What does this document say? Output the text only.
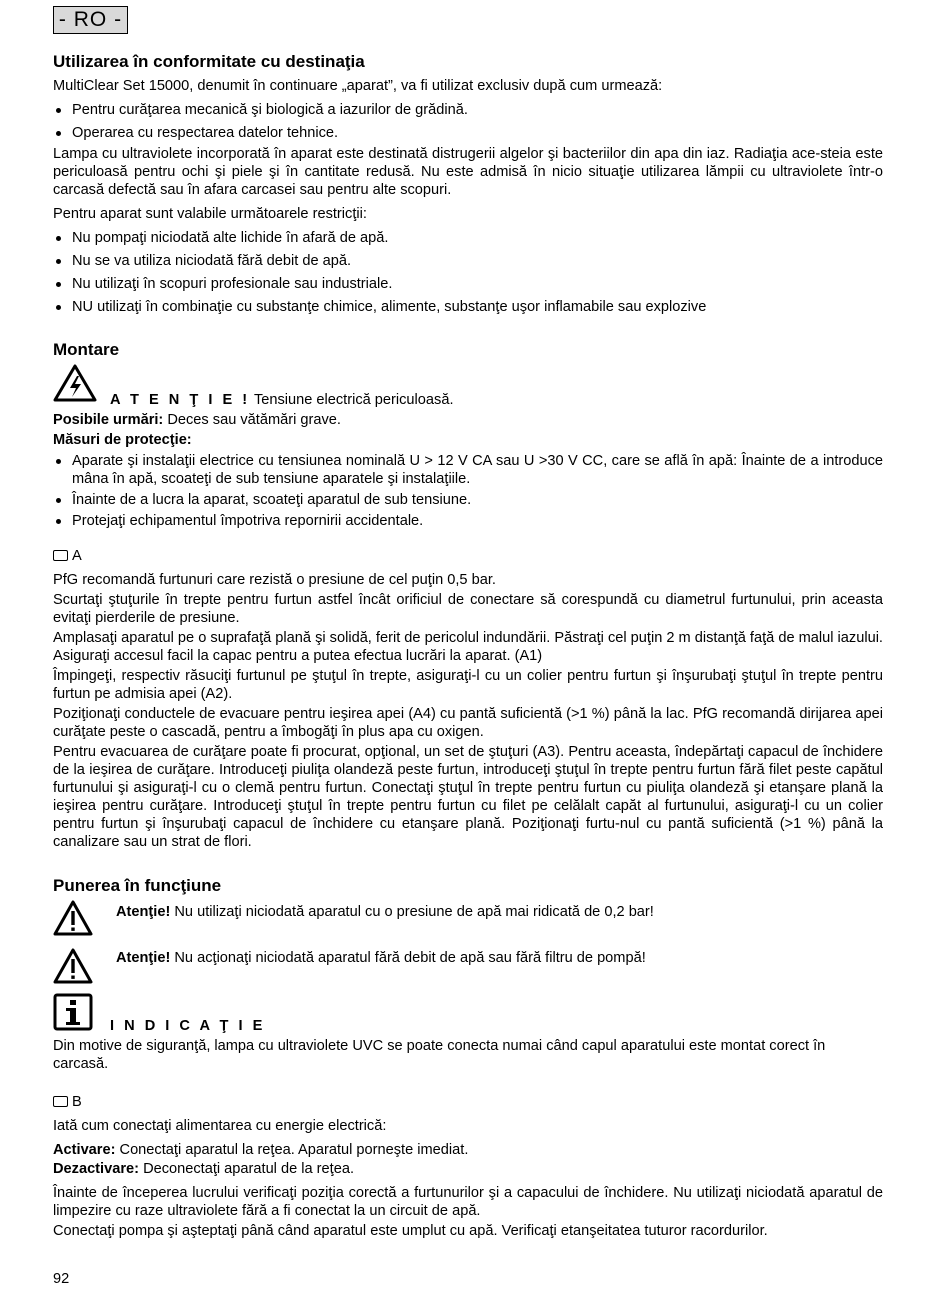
- RO -
Utilizarea în conformitate cu destinaţia

MultiClear Set 15000, denumit în continuare „aparat”, va fi utilizat exclusiv după cum urmează:

Pentru curăţarea mecanică şi biologică a iazurilor de grădină.
Operarea cu respectarea datelor tehnice.

Lampa cu ultraviolete incorporată în aparat este destinată distrugerii algelor şi bacteriilor din apa din iaz. Radiaţia ace-steia este periculoasă pentru ochi şi piele şi în cantitate redusă. Nu este admisă în nicio situaţie utilizarea lămpii cu ultraviolete într-o carcasă defectă sau în afara carcasei sau pentru alte scopuri.

Pentru aparat sunt valabile următoarele restricţii:

Nu pompaţi niciodată alte lichide în afară de apă.
Nu se va utiliza niciodată fără debit de apă.
Nu utilizaţi în scopuri profesionale sau industriale.
NU utilizaţi în combinaţie cu substanţe chimice, alimente, substanţe uşor inflamabile sau explozive
Montare

A T E N Ţ I E ! Tensiune electrică periculoasă.

Posibile urmări: Deces sau vătămări grave.

Măsuri de protecţie:

Aparate şi instalaţii electrice cu tensiunea nominală U > 12 V CA sau U >30 V CC, care se află în apă: Înainte de a introduce mâna în apă, scoateţi de sub tensiune aparatele şi instalaţiile.
Înainte de a lucra la aparat, scoateţi aparatul de sub tensiune.
Protejaţi echipamentul împotriva repornirii accidentale.

A

PfG recomandă furtunuri care rezistă o presiune de cel puţin 0,5 bar.

Scurtaţi ştuţurile în trepte pentru furtun astfel încât orificiul de conectare să corespundă cu diametrul furtunului, prin aceasta evitaţi pierderile de presiune.

Amplasaţi aparatul pe o suprafaţă plană şi solidă, ferit de pericolul indundării. Păstraţi cel puţin 2 m distanţă faţă de malul iazului. Asiguraţi accesul facil la capac pentru a putea efectua lucrări la aparat. (A1)

Împingeţi, respectiv răsuciţi furtunul pe ştuţul în trepte, asiguraţi-l cu un colier pentru furtun şi înşurubaţi ştuţul în trepte pentru furtun pe admisia apei (A2).

Poziţionaţi conductele de evacuare pentru ieşirea apei (A4) cu pantă suficientă (>1 %) până la lac. PfG recomandă dirijarea apei curăţate peste o cascadă, pentru a îmbogăţi în plus apa cu oxigen.

Pentru evacuarea de curăţare poate fi procurat, opţional, un set de ştuţuri (A3). Pentru aceasta, îndepărtaţi capacul de închidere de la ieşirea de curăţare. Introduceţi piuliţa olandeză peste furtun, introduceţi ştuţul în trepte pentru furtun fără filet peste capătul furtunului şi asiguraţi-l cu o clemă pentru furtun. Conectaţi ştuţul în trepte pentru furtun cu piuliţa olandeză şi etanşare plană la ieşirea pentru curăţare. Introduceţi ştuţul în trepte pentru furtun cu filet pe celălalt capăt al furtunului, asiguraţi-l cu un colier pentru furtun şi înşurubaţi capacul de închidere cu etanşare plană. Poziţionaţi furtu-nul cu pantă suficientă (>1 %) până la canalizare sau un strat de flori.

Punerea în funcţiune

Atenţie! Nu utilizaţi niciodată aparatul cu o presiune de apă mai ridicată de 0,2 bar!

Atenţie! Nu acţionaţi niciodată aparatul fără debit de apă sau fără filtru de pompă!

I N D I C A Ţ I E

Din motive de siguranţă, lampa cu ultraviolete UVC se poate conecta numai când capul aparatului este montat corect în carcasă.

B

Iată cum conectaţi alimentarea cu energie electrică:

Activare: Conectaţi aparatul la reţea. Aparatul porneşte imediat.

Dezactivare: Deconectaţi aparatul de la reţea.

Înainte de începerea lucrului verificaţi poziţia corectă a furtunurilor şi a capacului de închidere. Nu utilizaţi niciodată aparatul de limpezire cu raze ultraviolete fără a fi conectat la un circuit de apă.

Conectaţi pompa şi aşteptaţi până când aparatul este umplut cu apă. Verificaţi etanşeitatea tuturor racordurilor.

92
